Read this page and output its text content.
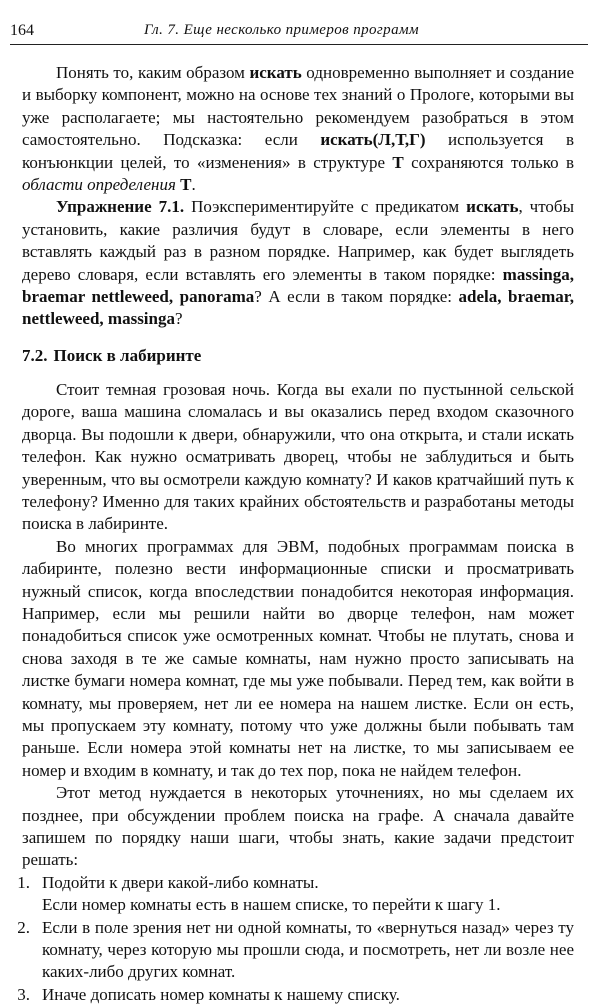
164	Гл. 7. Еще несколько примеров программ

Понять то, каким образом искать одновременно выполняет и создание и выборку компонент, можно на основе тех знаний о Прологе, которыми вы уже располагаете; мы настоятельно рекомендуем разобраться в этом самостоятельно. Подсказка: если искать(Л,Т,Г) используется в конъюнкции целей, то «изменения» в структуре Т сохраняются только в области определения Т.

Упражнение 7.1. Поэкспериментируйте с предикатом искать, чтобы установить, какие различия будут в словаре, если элементы в него вставлять каждый раз в разном порядке. Например, как будет выглядеть дерево словаря, если вставлять его элементы в таком порядке: massinga, braemar nettleweed, panorama? А если в таком порядке: adela, braemar, nettleweed, massinga?

7.2. Поиск в лабиринте

Стоит темная грозовая ночь. Когда вы ехали по пустынной сельской дороге, ваша машина сломалась и вы оказались перед входом сказочного дворца. Вы подошли к двери, обнаружили, что она открыта, и стали искать телефон. Как нужно осматривать дворец, чтобы не заблудиться и быть уверенным, что вы осмотрели каждую комнату? И каков кратчайший путь к телефону? Именно для таких крайних обстоятельств и разработаны методы поиска в лабиринте.

Во многих программах для ЭВМ, подобных программам поиска в лабиринте, полезно вести информационные списки и просматривать нужный список, когда впоследствии понадобится некоторая информация. Например, если мы решили найти во дворце телефон, нам может понадобиться список уже осмотренных комнат. Чтобы не плутать, снова и снова заходя в те же самые комнаты, нам нужно просто записывать на листке бумаги номера комнат, где мы уже побывали. Перед тем, как войти в комнату, мы проверяем, нет ли ее номера на нашем листке. Если он есть, мы пропускаем эту комнату, потому что уже должны были побывать там раньше. Если номера этой комнаты нет на листке, то мы записываем ее номер и входим в комнату, и так до тех пор, пока не найдем телефон.

Этот метод нуждается в некоторых уточнениях, но мы сделаем их позднее, при обсуждении проблем поиска на графе. А сначала давайте запишем по порядку наши шаги, чтобы знать, какие задачи предстоит решать:

1. Подойти к двери какой-либо комнаты.
Если номер комнаты есть в нашем списке, то перейти к шагу 1.
2. Если в поле зрения нет ни одной комнаты, то «вернуться назад» через ту комнату, через которую мы прошли сюда, и посмотреть, нет ли возле нее каких-либо других комнат.
3. Иначе дописать номер комнаты к нашему списку.
